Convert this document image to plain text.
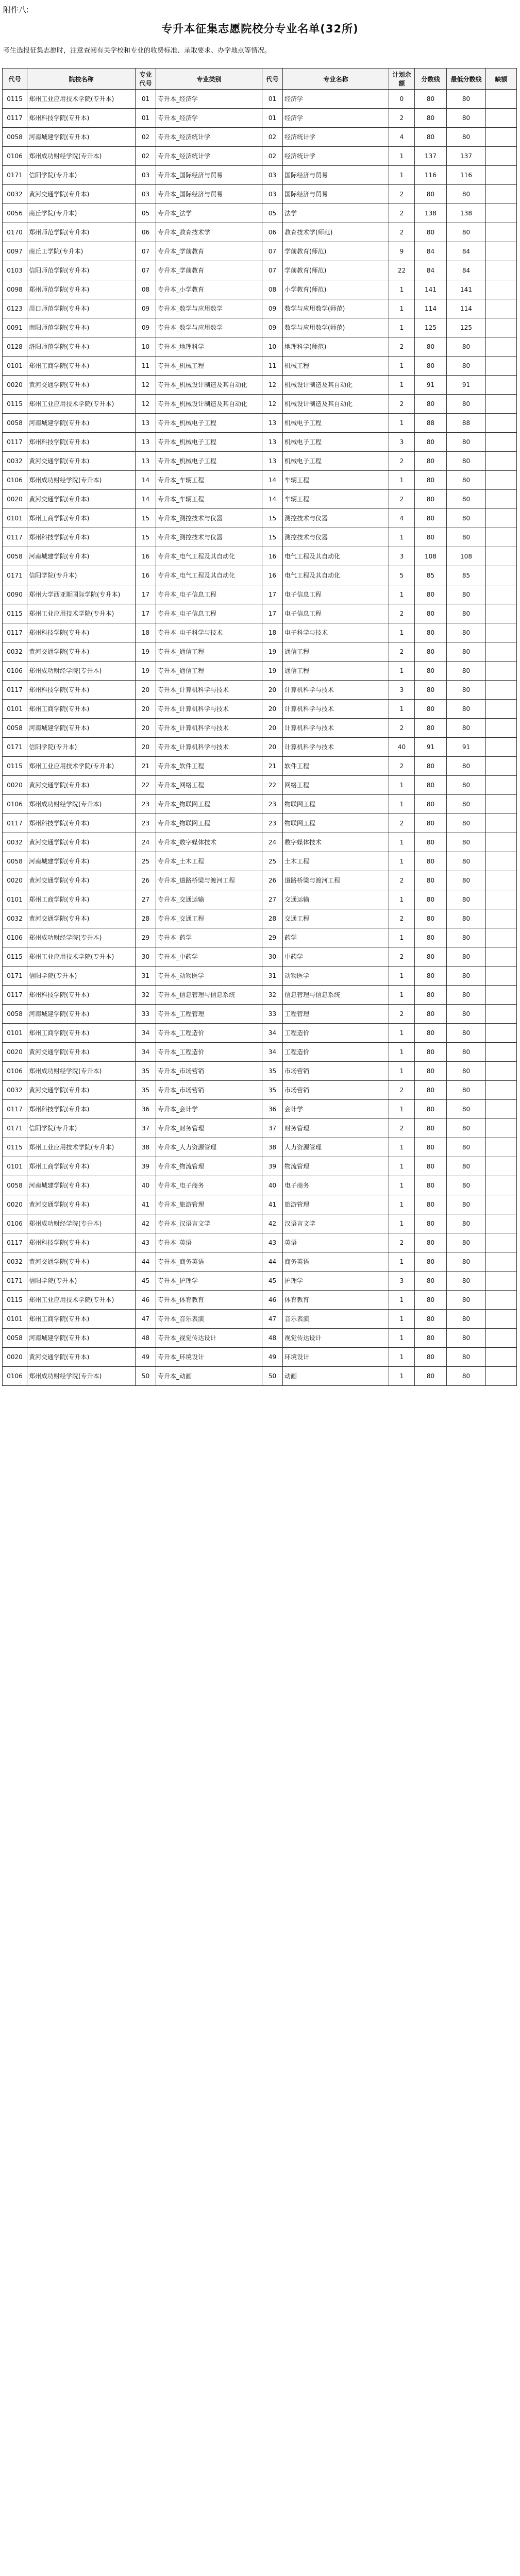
附件八:
专升本征集志愿院校分专业名单(32所)
考生选报征集志愿时，注意查阅有关学校和专业的收费标准、录取要求、办学地点等情况。
代号	院校名称	专业代号	专业类别	代号	专业名称	计划余额	分数线	最低分数线	缺额
0115	郑州工业应用技术学院(专升本)	01	专升本_经济学	01	经济学	0	80	80	
0117	郑州科技学院(专升本)	01	专升本_经济学	01	经济学	2	80	80	
0058	河南城建学院(专升本)	02	专升本_经济统计学	02	经济统计学	4	80	80	
0106	郑州成功财经学院(专升本)	02	专升本_经济统计学	02	经济统计学	1	137	137	
0171	信阳学院(专升本)	03	专升本_国际经济与贸易	03	国际经济与贸易	1	116	116	
0032	黄河交通学院(专升本)	03	专升本_国际经济与贸易	03	国际经济与贸易	2	80	80	
0056	商丘学院(专升本)	05	专升本_法学	05	法学	2	138	138	
0170	郑州师范学院(专升本)	06	专升本_教育技术学	06	教育技术学(师范)	2	80	80	
0097	商丘工学院(专升本)	07	专升本_学前教育	07	学前教育(师范)	9	84	84	
0103	信阳师范学院(专升本)	07	专升本_学前教育	07	学前教育(师范)	22	84	84	
0098	郑州师范学院(专升本)	08	专升本_小学教育	08	小学教育(师范)	1	141	141	
0123	周口师范学院(专升本)	09	专升本_数学与应用数学	09	数学与应用数学(师范)	1	114	114	
0091	南阳师范学院(专升本)	09	专升本_数学与应用数学	09	数学与应用数学(师范)	1	125	125	
0128	洛阳师范学院(专升本)	10	专升本_地理科学	10	地理科学(师范)	2	80	80	
0101	郑州工商学院(专升本)	11	专升本_机械工程	11	机械工程	1	80	80	
0020	黄河交通学院(专升本)	12	专升本_机械设计制造及其自动化	12	机械设计制造及其自动化	1	91	91	
0115	郑州工业应用技术学院(专升本)	12	专升本_机械设计制造及其自动化	12	机械设计制造及其自动化	2	80	80	
0058	河南城建学院(专升本)	13	专升本_机械电子工程	13	机械电子工程	1	88	88	
0117	郑州科技学院(专升本)	13	专升本_机械电子工程	13	机械电子工程	3	80	80	
0032	黄河交通学院(专升本)	13	专升本_机械电子工程	13	机械电子工程	2	80	80	
0106	郑州成功财经学院(专升本)	14	专升本_车辆工程	14	车辆工程	1	80	80	
0020	黄河交通学院(专升本)	14	专升本_车辆工程	14	车辆工程	2	80	80	
0101	郑州工商学院(专升本)	15	专升本_测控技术与仪器	15	测控技术与仪器	4	80	80	
0117	郑州科技学院(专升本)	15	专升本_测控技术与仪器	15	测控技术与仪器	1	80	80	
0058	河南城建学院(专升本)	16	专升本_电气工程及其自动化	16	电气工程及其自动化	3	108	108	
0171	信阳学院(专升本)	16	专升本_电气工程及其自动化	16	电气工程及其自动化	5	85	85	
0090	郑州大学西亚斯国际学院(专升本)	17	专升本_电子信息工程	17	电子信息工程	1	80	80	
0115	郑州工业应用技术学院(专升本)	17	专升本_电子信息工程	17	电子信息工程	2	80	80	
0117	郑州科技学院(专升本)	18	专升本_电子科学与技术	18	电子科学与技术	1	80	80	
0032	黄河交通学院(专升本)	19	专升本_通信工程	19	通信工程	2	80	80	
0106	郑州成功财经学院(专升本)	19	专升本_通信工程	19	通信工程	1	80	80	
0117	郑州科技学院(专升本)	20	专升本_计算机科学与技术	20	计算机科学与技术	3	80	80	
0101	郑州工商学院(专升本)	20	专升本_计算机科学与技术	20	计算机科学与技术	1	80	80	
0058	河南城建学院(专升本)	20	专升本_计算机科学与技术	20	计算机科学与技术	2	80	80	
0171	信阳学院(专升本)	20	专升本_计算机科学与技术	20	计算机科学与技术	40	91	91	
0115	郑州工业应用技术学院(专升本)	21	专升本_软件工程	21	软件工程	2	80	80	
0020	黄河交通学院(专升本)	22	专升本_网络工程	22	网络工程	1	80	80	
0106	郑州成功财经学院(专升本)	23	专升本_物联网工程	23	物联网工程	1	80	80	
0117	郑州科技学院(专升本)	23	专升本_物联网工程	23	物联网工程	2	80	80	
0032	黄河交通学院(专升本)	24	专升本_数字媒体技术	24	数字媒体技术	1	80	80	
0058	河南城建学院(专升本)	25	专升本_土木工程	25	土木工程	1	80	80	
0020	黄河交通学院(专升本)	26	专升本_道路桥梁与渡河工程	26	道路桥梁与渡河工程	2	80	80	
0101	郑州工商学院(专升本)	27	专升本_交通运输	27	交通运输	1	80	80	
0032	黄河交通学院(专升本)	28	专升本_交通工程	28	交通工程	2	80	80	
0106	郑州成功财经学院(专升本)	29	专升本_药学	29	药学	1	80	80	
0115	郑州工业应用技术学院(专升本)	30	专升本_中药学	30	中药学	2	80	80	
0171	信阳学院(专升本)	31	专升本_动物医学	31	动物医学	1	80	80	
0117	郑州科技学院(专升本)	32	专升本_信息管理与信息系统	32	信息管理与信息系统	1	80	80	
0058	河南城建学院(专升本)	33	专升本_工程管理	33	工程管理	2	80	80	
0101	郑州工商学院(专升本)	34	专升本_工程造价	34	工程造价	1	80	80	
0020	黄河交通学院(专升本)	34	专升本_工程造价	34	工程造价	1	80	80	
0106	郑州成功财经学院(专升本)	35	专升本_市场营销	35	市场营销	1	80	80	
0032	黄河交通学院(专升本)	35	专升本_市场营销	35	市场营销	2	80	80	
0117	郑州科技学院(专升本)	36	专升本_会计学	36	会计学	1	80	80	
0171	信阳学院(专升本)	37	专升本_财务管理	37	财务管理	2	80	80	
0115	郑州工业应用技术学院(专升本)	38	专升本_人力资源管理	38	人力资源管理	1	80	80	
0101	郑州工商学院(专升本)	39	专升本_物流管理	39	物流管理	1	80	80	
0058	河南城建学院(专升本)	40	专升本_电子商务	40	电子商务	1	80	80	
0020	黄河交通学院(专升本)	41	专升本_旅游管理	41	旅游管理	1	80	80	
0106	郑州成功财经学院(专升本)	42	专升本_汉语言文学	42	汉语言文学	1	80	80	
0117	郑州科技学院(专升本)	43	专升本_英语	43	英语	2	80	80	
0032	黄河交通学院(专升本)	44	专升本_商务英语	44	商务英语	1	80	80	
0171	信阳学院(专升本)	45	专升本_护理学	45	护理学	3	80	80	
0115	郑州工业应用技术学院(专升本)	46	专升本_体育教育	46	体育教育	1	80	80	
0101	郑州工商学院(专升本)	47	专升本_音乐表演	47	音乐表演	1	80	80	
0058	河南城建学院(专升本)	48	专升本_视觉传达设计	48	视觉传达设计	1	80	80	
0020	黄河交通学院(专升本)	49	专升本_环境设计	49	环境设计	1	80	80	
0106	郑州成功财经学院(专升本)	50	专升本_动画	50	动画	1	80	80	
